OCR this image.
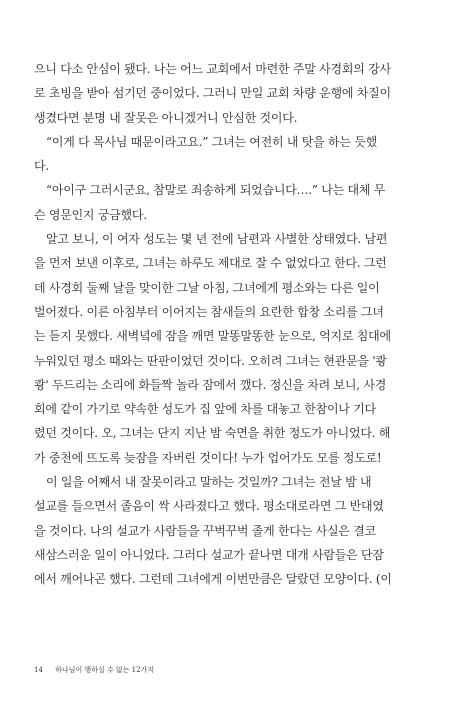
으니 다소 안심이 됐다. 나는 어느 교회에서 마련한 주말 사경회의 강사
로 초빙을 받아 섬기던 중이었다. 그러니 만일 교회 차량 운행에 차질이
생겼다면 분명 내 잘못은 아니겠거니 안심한 것이다.
“이게 다 목사님 때문이라고요.” 그녀는 여전히 내 탓을 하는 듯했
다.
“아이구 그러시군요, 참말로 죄송하게 되었습니다….” 나는 대체 무
슨 영문인지 궁금했다.
알고 보니, 이 여자 성도는 몇 년 전에 남편과 사별한 상태였다. 남편
을 먼저 보낸 이후로, 그녀는 하루도 제대로 잘 수 없었다고 한다. 그런
데 사경회 둘째 날을 맞이한 그날 아침, 그녀에게 평소와는 다른 일이
벌어졌다. 이른 아침부터 이어지는 참새들의 요란한 합창 소리를 그녀
는 듣지 못했다. 새벽녘에 잠을 깨면 말똥말똥한 눈으로, 억지로 침대에
누워있던 평소 때와는 딴판이었던 것이다. 오히려 그녀는 현관문을 '쾅
쾅' 두드리는 소리에 화들짝 놀라 잠에서 깼다. 정신을 차려 보니, 사경
회에 같이 가기로 약속한 성도가 집 앞에 차를 대놓고 한참이나 기다
렸던 것이다. 오, 그녀는 단지 지난 밤 숙면을 취한 정도가 아니었다. 해
가 중천에 뜨도록 늦잠을 자버린 것이다! 누가 업어가도 모를 정도로!
이 일을 어째서 내 잘못이라고 말하는 것일까? 그녀는 전날 밤 내
설교를 들으면서 졸음이 싹 사라졌다고 했다. 평소대로라면 그 반대였
을 것이다. 나의 설교가 사람들을 꾸벅꾸벅 졸게 한다는 사실은 결코
새삼스러운 일이 아니었다. 그러다 설교가 끝나면 대개 사람들은 단잠
에서 깨어나곤 했다. 그런데 그녀에게 이번만큼은 달랐던 모양이다. (이
14 하나님이 행하실 수 없는 12가지
